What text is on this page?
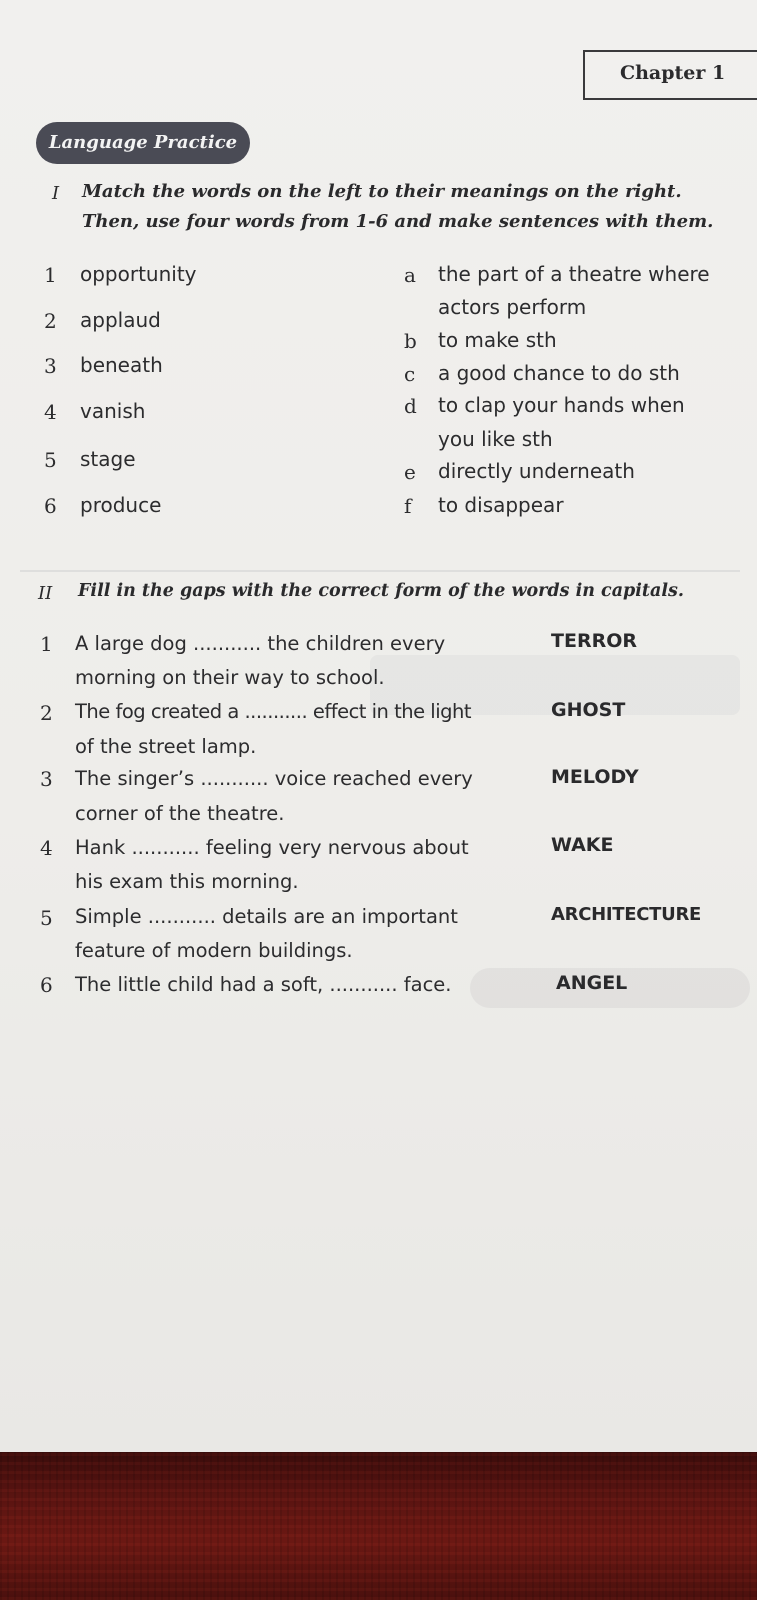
Chapter 1
Language Practice
I Match the words on the left to their meanings on the right.
Then, use four words from 1-6 and make sentences with them.
1 opportunity
2 applaud
3 beneath
4 vanish
5 stage
6 produce
a the part of a theatre where
actors perform
b to make sth
c a good chance to do sth
d to clap your hands when
you like sth
e directly underneath
f to disappear
II Fill in the gaps with the correct form of the words in capitals.
1 A large dog ........... the children every
morning on their way to school.
TERROR
2 The fog created a ........... effect in the light
of the street lamp.
GHOST
3 The singer’s ........... voice reached every
corner of the theatre.
MELODY
4 Hank ........... feeling very nervous about
his exam this morning.
WAKE
5 Simple ........... details are an important
feature of modern buildings.
ARCHITECTURE
6 The little child had a soft, ........... face.	ANGEL
